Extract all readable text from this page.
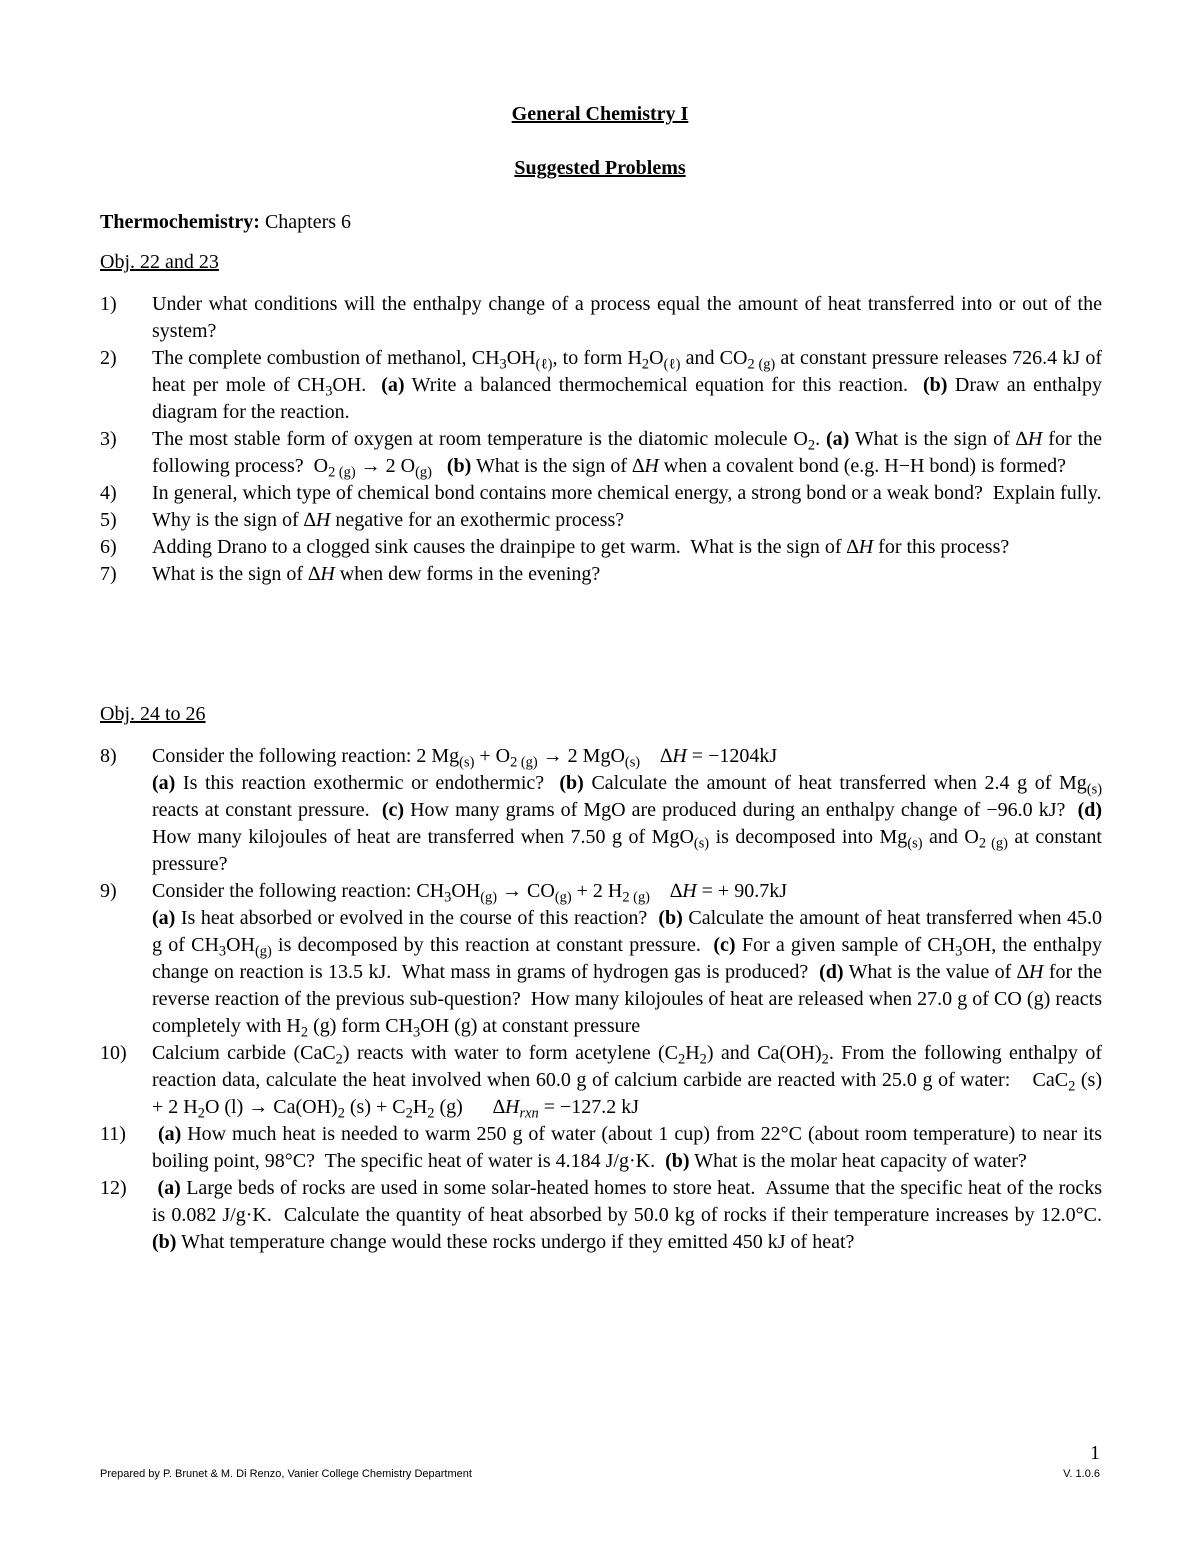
General Chemistry I
Suggested Problems
Thermochemistry: Chapters 6
Obj. 22 and 23
1) Under what conditions will the enthalpy change of a process equal the amount of heat transferred into or out of the system?
2) The complete combustion of methanol, $CH_3OH_{(\ell)}$, to form $H_2O_{(\ell)}$ and $CO_{2 (g)}$ at constant pressure releases 726.4 kJ of heat per mole of $CH_3OH$.  (a) Write a balanced thermochemical equation for this reaction.  (b) Draw an enthalpy diagram for the reaction.
3) The most stable form of oxygen at room temperature is the diatomic molecule $O_2$. (a) What is the sign of ∆H for the following process?  $O_{2 (g)} \to 2$ $O_{(g)}$ (b) What is the sign of ∆H when a covalent bond (e.g. H−H bond) is formed?
4) In general, which type of chemical bond contains more chemical energy, a strong bond or a weak bond?  Explain fully.
5) Why is the sign of ∆H negative for an exothermic process?
6) Adding Drano to a clogged sink causes the drainpipe to get warm.  What is the sign of ∆H for this process?
7) What is the sign of ∆H when dew forms in the evening?
Obj. 24 to 26
8) Consider the following reaction: 2 $Mg_{(s)} + O_{2 (g)} \to 2$ MgO$_{(s)}$    ∆H = −1204kJ
(a) Is this reaction exothermic or endothermic?  (b) Calculate the amount of heat transferred when 2.4 g of $Mg_{(s)}$ reacts at constant pressure.  (c) How many grams of MgO are produced during an enthalpy change of −96.0 kJ?  (d) How many kilojoules of heat are transferred when 7.50 g of MgO$_{(s)}$ is decomposed into $Mg_{(s)}$ and $O_{2 (g)}$ at constant pressure?
9) Consider the following reaction: $CH_3OH_{(g)} \to CO_{(g)} + 2$ $H_{2 (g)}$    ∆H = + 90.7kJ
(a) Is heat absorbed or evolved in the course of this reaction?  (b) Calculate the amount of heat transferred when 45.0 g of $CH_3OH_{(g)}$ is decomposed by this reaction at constant pressure.  (c) For a given sample of $CH_3OH$, the enthalpy change on reaction is 13.5 kJ.  What mass in grams of hydrogen gas is produced?  (d) What is the value of ∆H for the reverse reaction of the previous sub-question?  How many kilojoules of heat are released when 27.0 g of CO (g) reacts completely with $H_2$ (g) form $CH_3OH$ (g) at constant pressure
10) Calcium carbide (CaC$_2$) reacts with water to form acetylene $(C_2H_2)$ and $Ca(OH)_2$. From the following enthalpy of reaction data, calculate the heat involved when 60.0 g of calcium carbide are reacted with 25.0 g of water:    CaC$_2$ (s) + 2 $H_2O$ $(l) \to Ca(OH)_2$ $(s) + C_2H_2$ (g)      $\Delta H_{rxn} = -127.2$ kJ
11) (a) How much heat is needed to warm 250 g of water (about 1 cup) from 22°C (about room temperature) to near its boiling point, 98°C?  The specific heat of water is 4.184 J/g·K.  (b) What is the molar heat capacity of water?
12) (a) Large beds of rocks are used in some solar-heated homes to store heat.  Assume that the specific heat of the rocks is 0.082 J/g·K.  Calculate the quantity of heat absorbed by 50.0 kg of rocks if their temperature increases by 12.0°C.  (b) What temperature change would these rocks undergo if they emitted 450 kJ of heat?
1
Prepared by P. Brunet & M. Di Renzo, Vanier College Chemistry Department	V. 1.0.6
